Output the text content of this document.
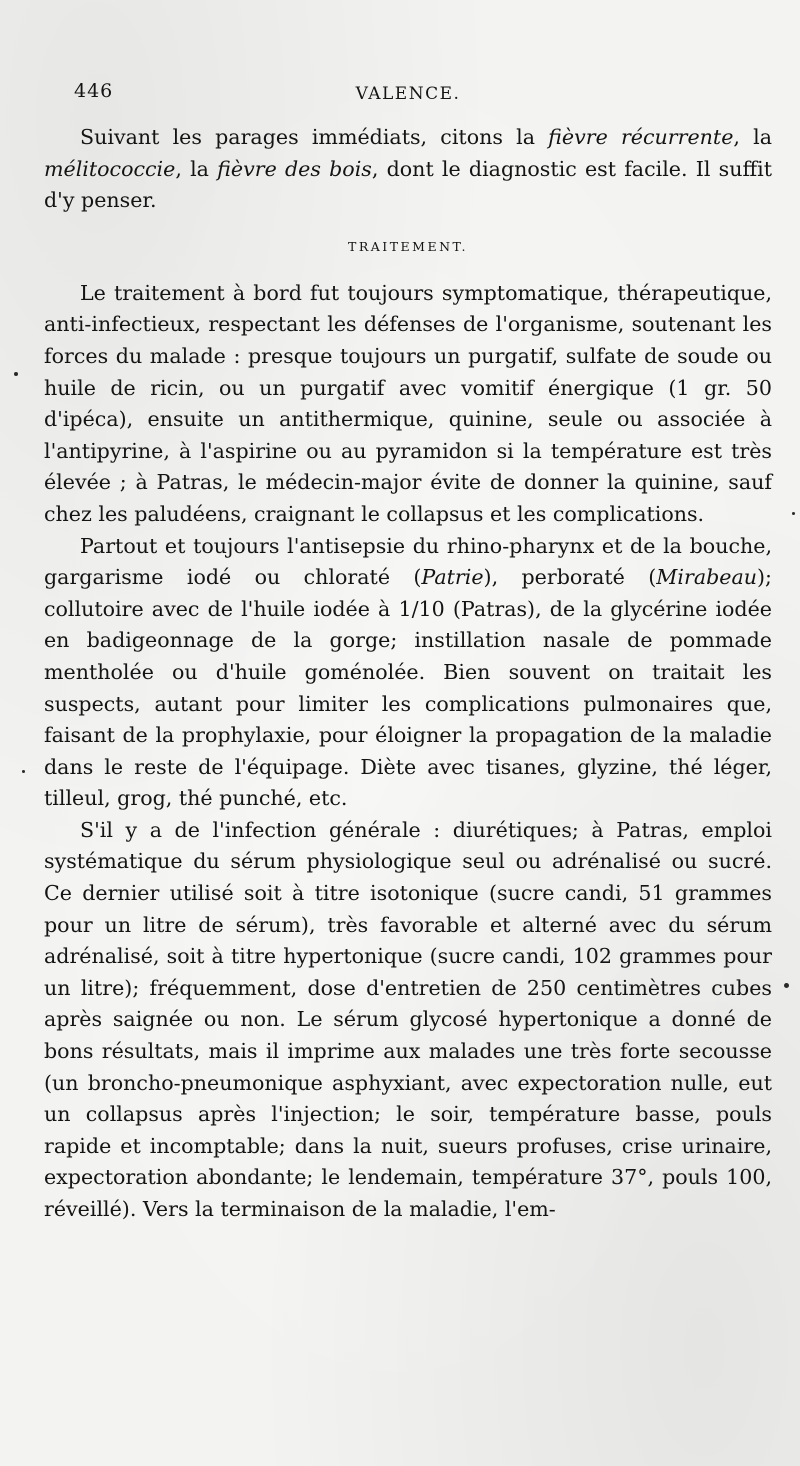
446	VALENCE.

Suivant les parages immédiats, citons la fièvre récurrente, la mélitococcie, la fièvre des bois, dont le diagnostic est facile. Il suffit d'y penser.

TRAITEMENT.

Le traitement à bord fut toujours symptomatique, thérapeutique, anti-infectieux, respectant les défenses de l'organisme, soutenant les forces du malade : presque toujours un purgatif, sulfate de soude ou huile de ricin, ou un purgatif avec vomitif énergique (1 gr. 50 d'ipéca), ensuite un antithermique, quinine, seule ou associée à l'antipyrine, à l'aspirine ou au pyramidon si la température est très élevée ; à Patras, le médecin-major évite de donner la quinine, sauf chez les paludéens, craignant le collapsus et les complications.

Partout et toujours l'antisepsie du rhino-pharynx et de la bouche, gargarisme iodé ou chloraté (Patrie), perboraté (Mirabeau); collutoire avec de l'huile iodée à 1/10 (Patras), de la glycérine iodée en badigeonnage de la gorge; instillation nasale de pommade mentholée ou d'huile goménolée. Bien souvent on traitait les suspects, autant pour limiter les complications pulmonaires que, faisant de la prophylaxie, pour éloigner la propagation de la maladie dans le reste de l'équipage. Diète avec tisanes, glyzine, thé léger, tilleul, grog, thé punché, etc.

S'il y a de l'infection générale : diurétiques; à Patras, emploi systématique du sérum physiologique seul ou adrénalisé ou sucré. Ce dernier utilisé soit à titre isotonique (sucre candi, 51 grammes pour un litre de sérum), très favorable et alterné avec du sérum adrénalisé, soit à titre hypertonique (sucre candi, 102 grammes pour un litre); fréquemment, dose d'entretien de 250 centimètres cubes après saignée ou non. Le sérum glycosé hypertonique a donné de bons résultats, mais il imprime aux malades une très forte secousse (un broncho-pneumonique asphyxiant, avec expectoration nulle, eut un collapsus après l'injection; le soir, température basse, pouls rapide et incomptable; dans la nuit, sueurs profuses, crise urinaire, expectoration abondante; le lendemain, température 37°, pouls 100, réveillé). Vers la terminaison de la maladie, l'em-
